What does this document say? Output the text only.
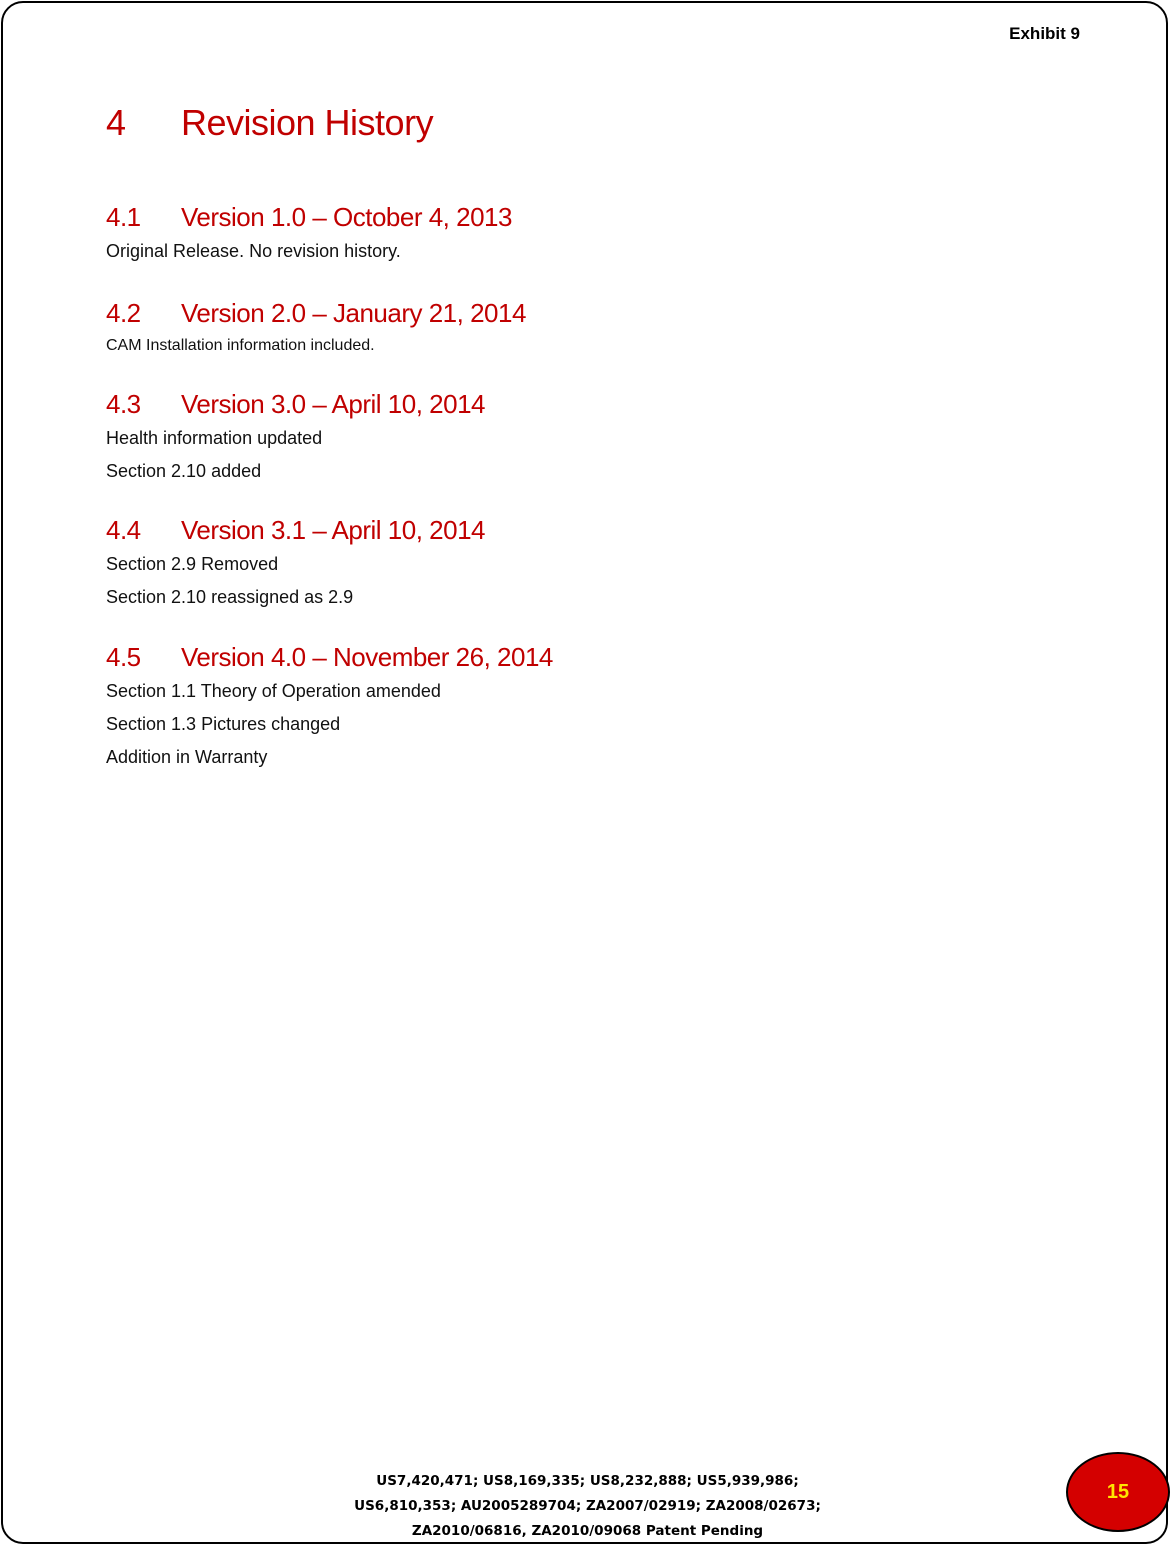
Exhibit 9
4 Revision History
4.1 Version 1.0 – October 4, 2013
Original Release. No revision history.
4.2 Version 2.0 – January 21, 2014
CAM Installation information included.
4.3 Version 3.0 – April 10, 2014
Health information updated
Section 2.10 added
4.4 Version 3.1 – April 10, 2014
Section 2.9 Removed
Section 2.10 reassigned as 2.9
4.5 Version 4.0 – November 26, 2014
Section 1.1 Theory of Operation amended
Section 1.3 Pictures changed
Addition in Warranty
US7,420,471; US8,169,335; US8,232,888; US5,939,986;
US6,810,353; AU2005289704; ZA2007/02919; ZA2008/02673;
ZA2010/06816, ZA2010/09068 Patent Pending
15
